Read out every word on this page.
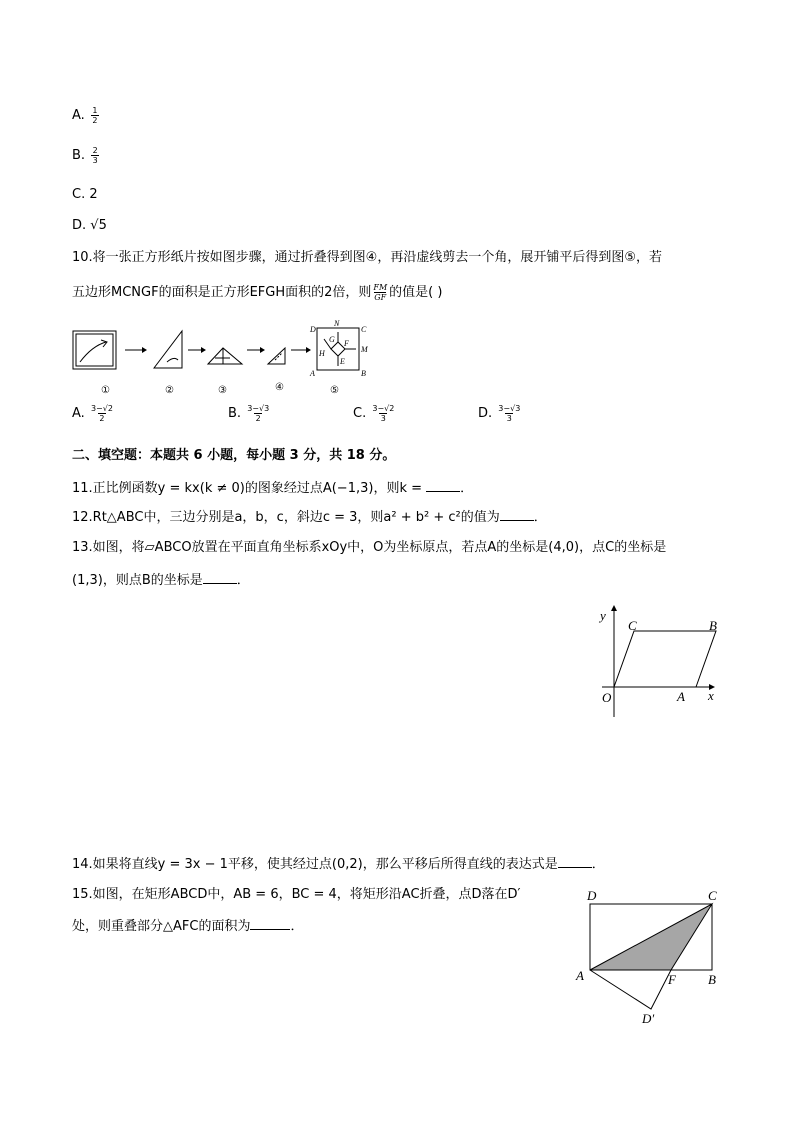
A. $\frac{1}{2}$
B. $\frac{2}{3}$
C. 2
D. √5
10.将一张正方形纸片按如图步骤，通过折叠得到图④，再沿虚线剪去一个角，展开铺平后得到图⑤，若
五边形MCNGF的面积是正方形EFGH面积的2倍，则 $\frac{FM}{GF}$ 的值是( )
D
N
C
G F
M
H
E
A	B
①	②	③	④	⑤
A. $\frac{3-√2}{2}$	B. $\frac{3-√3}{2}$	C. $\frac{3-√2}{3}$	D. $\frac{3-√3}{3}$
二、填空题：本题共 6 小题，每小题 3 分，共 18 分。
11.正比例函数y = kx(k ≠ 0)的图象经过点A(−1,3)，则k =	．
12.Rt△ABC中，三边分别是a，b，c，斜边c = 3，则a² + b² + c²的值为	．
13.如图，将▱ABCO放置在平面直角坐标系xOy中，O为坐标原点，若点A的坐标是(4,0)，点C的坐标是
(1,3)，则点B的坐标是	．
y
x
O	A
B
C
14.如果将直线y = 3x − 1平移，使其经过点(0,2)，那么平移后所得直线的表达式是	．
15.如图，在矩形ABCD中，AB = 6，BC = 4，将矩形沿AC折叠，点D落在D′
处，则重叠部分△AFC的面积为	．
D	C
A	F B
D′
